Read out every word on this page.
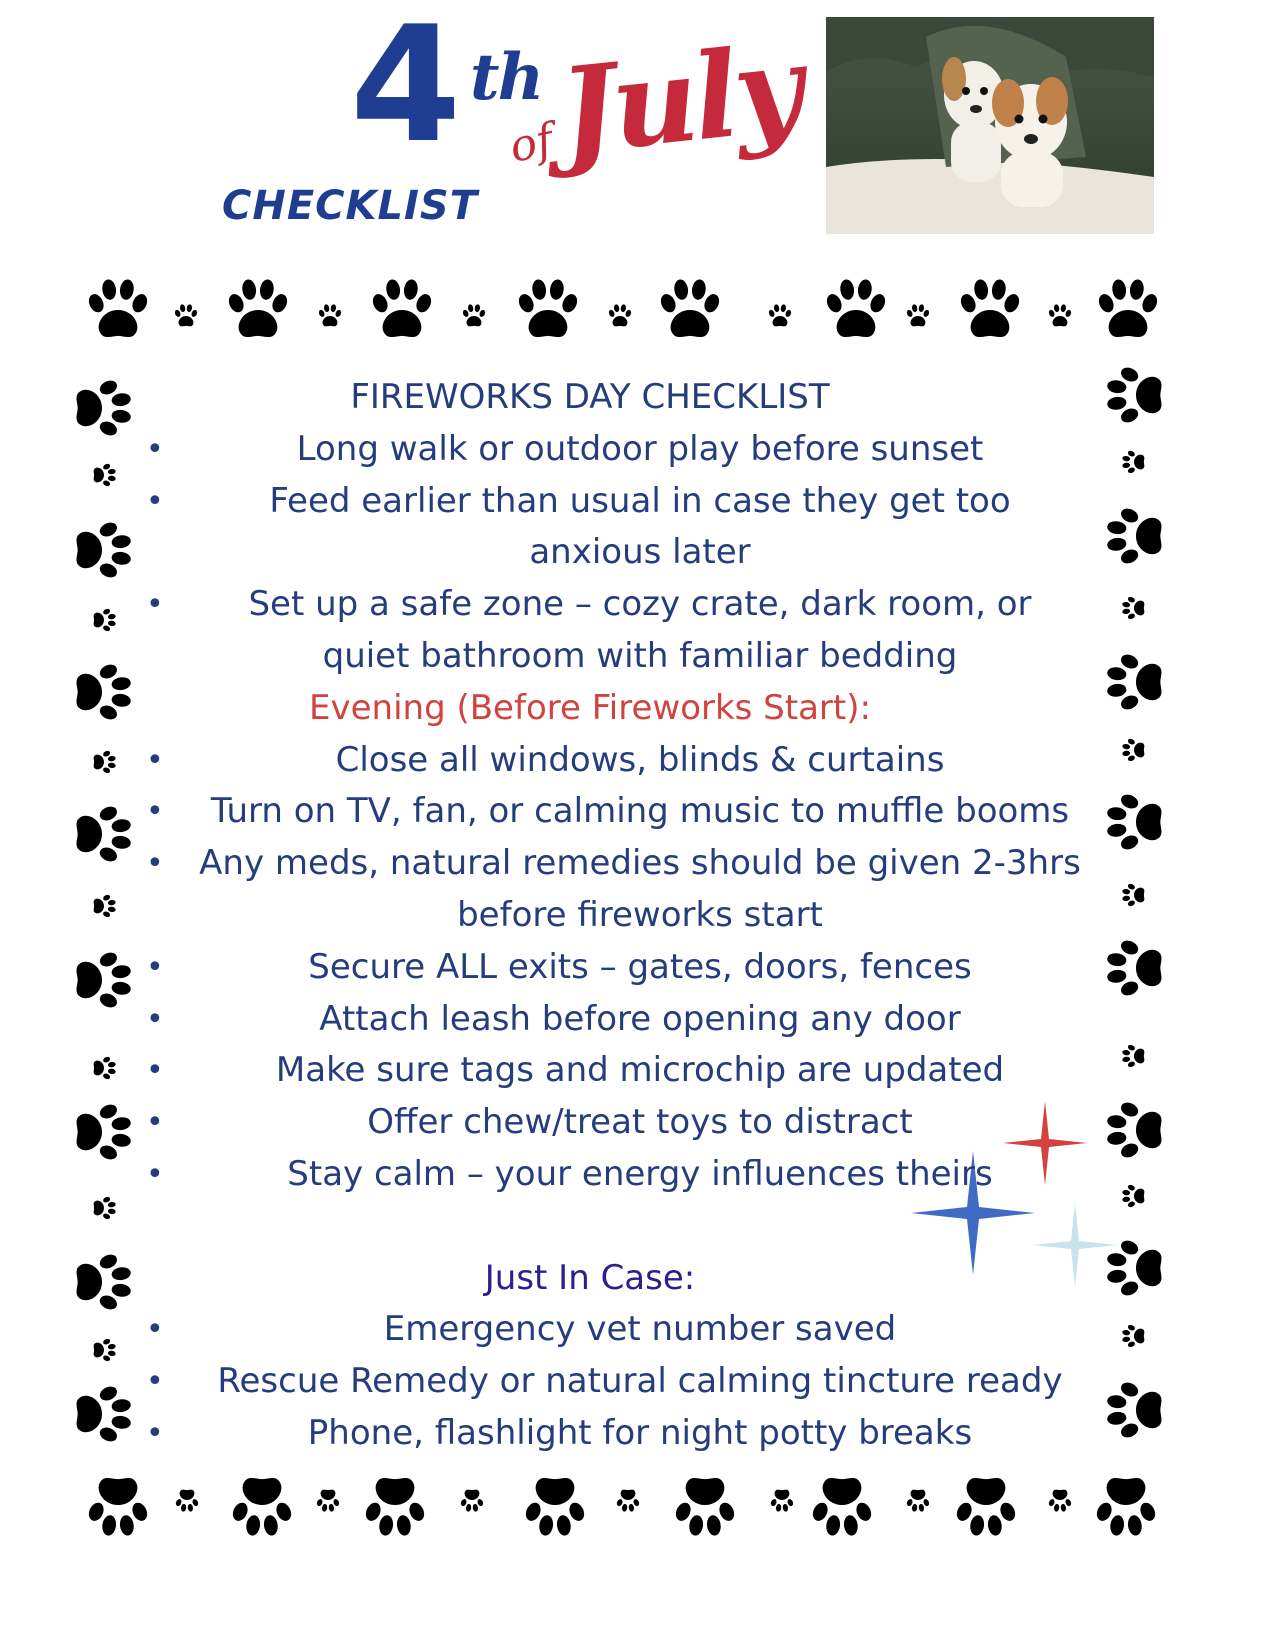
4 th
of
July
CHECKLIST
FIREWORKS DAY CHECKLIST
•	Long walk or outdoor play before sunset
•	Feed earlier than usual in case they get too
anxious later
• Set up a safe zone – cozy crate, dark room, or
quiet bathroom with familiar bedding
Evening (Before Fireworks Start):
•	Close all windows, blinds & curtains
• Turn on TV, fan, or calming music to muffle booms
• Any meds, natural remedies should be given 2-3hrs
before fireworks start
•	Secure ALL exits – gates, doors, fences
•	Attach leash before opening any door
•	Make sure tags and microchip are updated
•	Offer chew/treat toys to distract
•	Stay calm – your energy influences theirs
Just In Case:
•	Emergency vet number saved
• Rescue Remedy or natural calming tincture ready
•	Phone, flashlight for night potty breaks
